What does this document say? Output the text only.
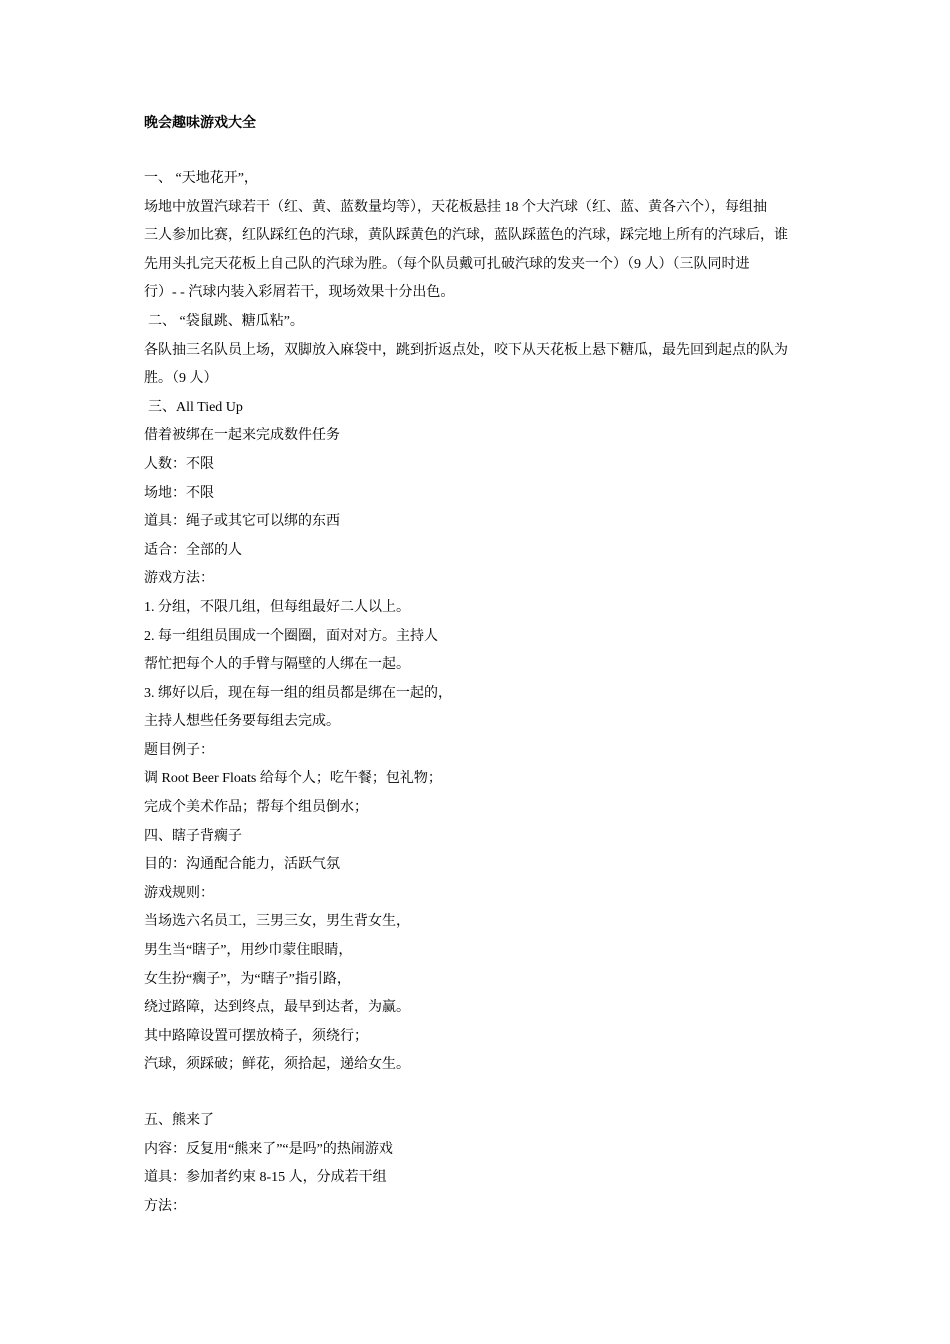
晚会趣味游戏大全

一、 “天地花开”，

场地中放置汽球若干（红、黄、蓝数量均等），天花板悬挂 18 个大汽球（红、蓝、黄各六个），每组抽

三人参加比赛，红队踩红色的汽球，黄队踩黄色的汽球，蓝队踩蓝色的汽球，踩完地上所有的汽球后，谁

先用头扎完天花板上自己队的汽球为胜。（每个队员戴可扎破汽球的发夹一个）（9 人）（三队同时进

行）- - 汽球内装入彩屑若干，现场效果十分出色。

二、 “袋鼠跳、糖瓜粘”。

各队抽三名队员上场，双脚放入麻袋中，跳到折返点处，咬下从天花板上悬下糖瓜，最先回到起点的队为

胜。（9 人）

三、All Tied Up

借着被绑在一起来完成数件任务

人数：不限

场地：不限

道具：绳子或其它可以绑的东西

适合：全部的人

游戏方法：

1. 分组，不限几组，但每组最好二人以上。

2. 每一组组员围成一个圈圈，面对对方。主持人

帮忙把每个人的手臂与隔壁的人绑在一起。

3. 绑好以后，现在每一组的组员都是绑在一起的，

主持人想些任务要每组去完成。

题目例子：

调 Root Beer Floats 给每个人；吃午餐；包礼物；

完成个美术作品；帮每个组员倒水；

四、瞎子背瘸子

目的：沟通配合能力，活跃气氛

游戏规则：

当场选六名员工，三男三女，男生背女生，

男生当“瞎子”，用纱巾蒙住眼睛，

女生扮“瘸子”，为“瞎子”指引路，

绕过路障，达到终点，最早到达者，为赢。

其中路障设置可摆放椅子，须绕行；

汽球，须踩破；鲜花，须拾起，递给女生。

五、熊来了

内容：反复用“熊来了”“是吗”的热闹游戏

道具：参加者约束 8-15 人，分成若干组

方法：
